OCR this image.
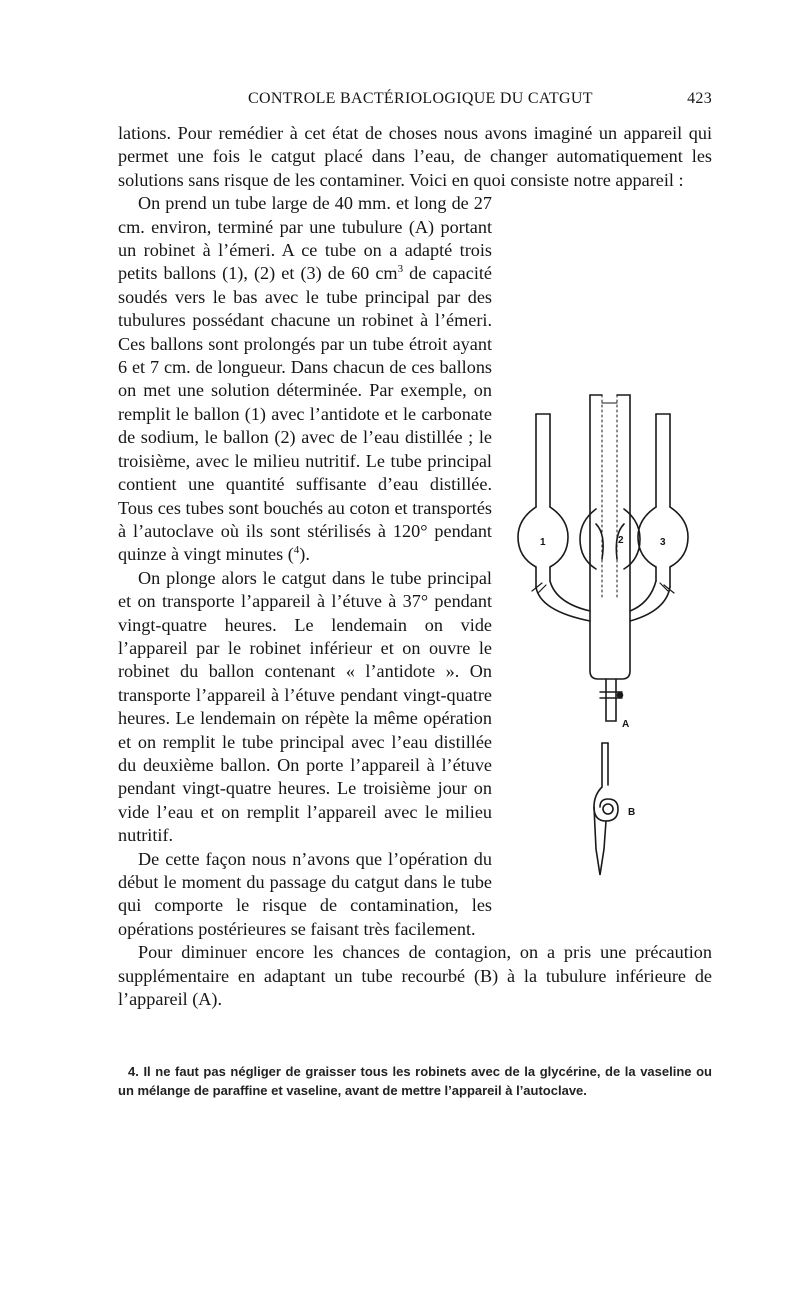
CONTROLE BACTÉRIOLOGIQUE DU CATGUT	423

lations. Pour remédier à cet état de choses nous avons imaginé un appareil qui permet une fois le catgut placé dans l’eau, de changer automatiquement les solutions sans risque de les contaminer. Voici en quoi consiste notre appareil :

1	2	3
A
B

On prend un tube large de 40 mm. et long de 27 cm. environ, terminé par une tubulure (A) portant un robinet à l’émeri. A ce tube on a adapté trois petits ballons (1), (2) et (3) de 60 $cm^3$ de capacité soudés vers le bas avec le tube principal par des tubulures possédant chacune un robinet à l’émeri. Ces ballons sont prolongés par un tube étroit ayant 6 et 7 cm. de longueur. Dans chacun de ces ballons on met une solution déterminée. Par exemple, on remplit le ballon (1) avec l’antidote et le carbonate de sodium, le ballon (2) avec de l’eau distillée ; le troisième, avec le milieu nutritif. Le tube principal contient une quantité suffisante d’eau distillée. Tous ces tubes sont bouchés au coton et transportés à l’autoclave où ils sont stérilisés à 120° pendant quinze à vingt minutes ($^4$).

On plonge alors le catgut dans le tube principal et on transporte l’appareil à l’étuve à 37° pendant vingt-quatre heures. Le lendemain on vide l’appareil par le robinet inférieur et on ouvre le robinet du ballon contenant « l’antidote ». On transporte l’appareil à l’étuve pendant vingt-quatre heures. Le lendemain on répète la même opération et on remplit le tube principal avec l’eau distillée du deuxième ballon. On porte l’appareil à l’étuve pendant vingt-quatre heures. Le troisième jour on vide l’eau et on remplit l’appareil avec le milieu nutritif.

De cette façon nous n’avons que l’opération du début le moment du passage du catgut dans le tube qui comporte le risque de contamination, les opérations postérieures se faisant très facilement.

Pour diminuer encore les chances de contagion, on a pris une précaution supplémentaire en adaptant un tube recourbé (B) à la tubulure inférieure de l’appareil (A).

4. Il ne faut pas négliger de graisser tous les robinets avec de la glycérine, de la vaseline ou un mélange de paraffine et vaseline, avant de mettre l’appareil à l’autoclave.
